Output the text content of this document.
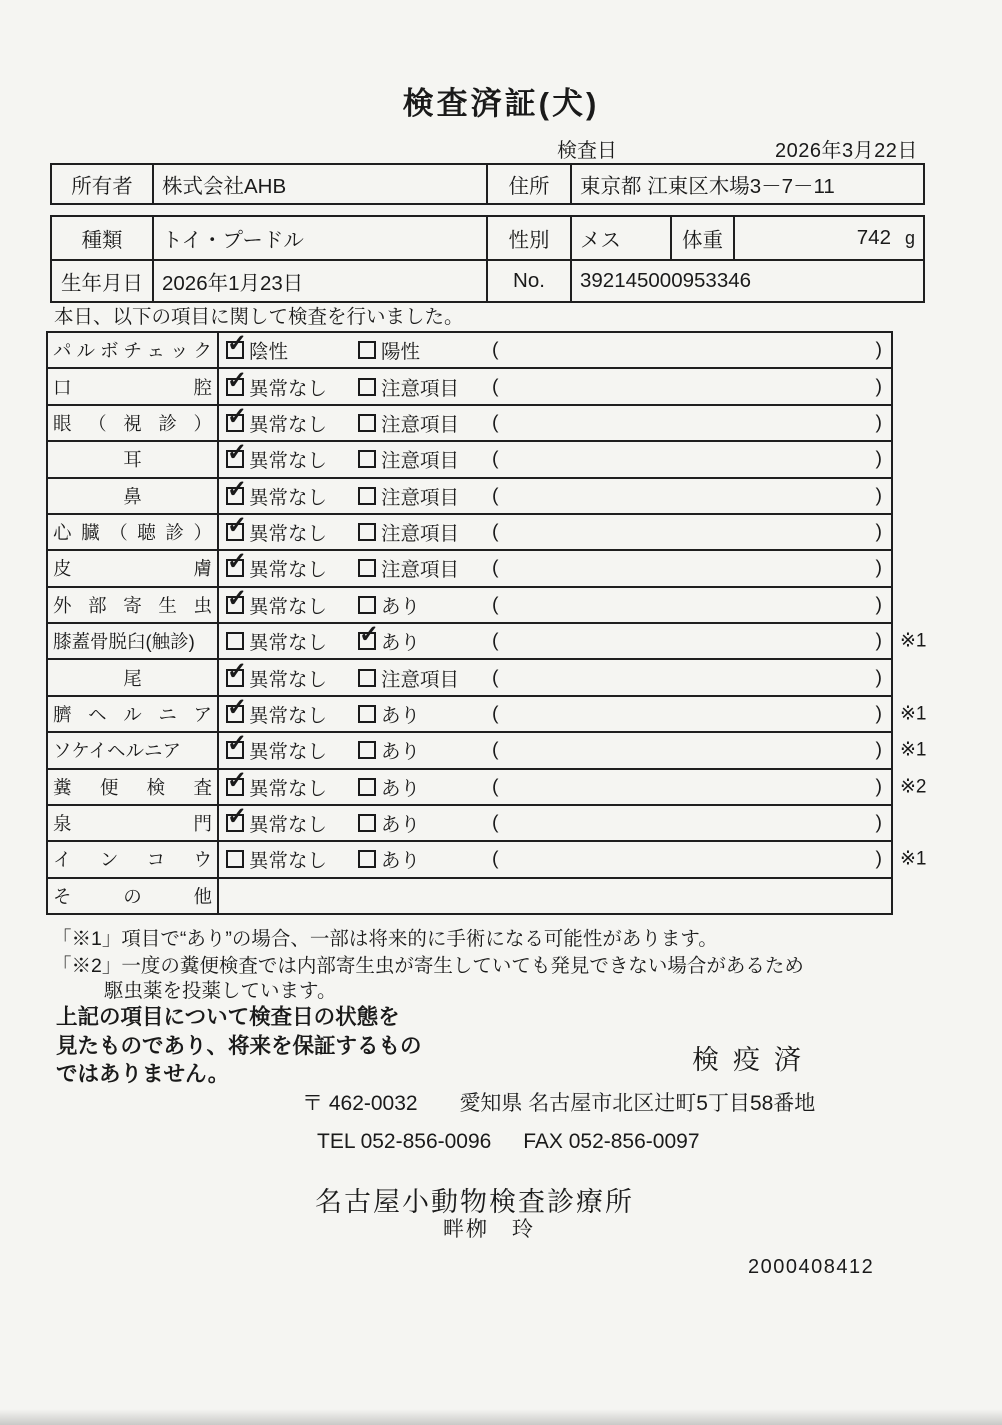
検査済証(犬)
検査日	2026年3月22日
所有者	株式会社AHB	住所	東京都 江東区木場3－7－11
種類	トイ・プードル	性別	メス	体重	742 g
生年月日 2026年1月23日	No.	392145000953346
本日、以下の項目に関して検査を行いました。
パルボチェック ✓ 陰性	陽性	(	)
口腔 ✓ 異常なし	注意項目 (	)
眼（視診） ✓ 異常なし	注意項目 (	)
耳	✓ 異常なし	注意項目 (	)
鼻	✓ 異常なし	注意項目 (	)
心臓（聴診） ✓ 異常なし	注意項目 (	)
皮膚 ✓ 異常なし	注意項目 (	)
外部寄生虫 ✓ 異常なし	あり	(	)
膝蓋骨脱臼(触診)	異常なし ✓ あり	(	) ※1
尾	✓ 異常なし	注意項目 (	)
臍ヘルニア ✓ 異常なし	あり	(	) ※1
ソケイヘルニア	✓ 異常なし	あり	(	) ※1
糞便検査 ✓ 異常なし	あり	(	) ※2
泉門 ✓ 異常なし	あり	(	)
インコウ 異常なし	あり	(	) ※1
その他
「※1」項目で“あり”の場合、一部は将来的に手術になる可能性があります。
「※2」一度の糞便検査では内部寄生虫が寄生していても発見できない場合があるため
駆虫薬を投薬しています。
上記の項目について検査日の状態を
見たものであり、将来を保証するもの
ではありません。	検疫済
〒 462-0032 愛知県 名古屋市北区辻町5丁目58番地
TEL 052-856-0096 FAX 052-856-0097
名古屋小動物検査診療所
畔栁　玲
2000408412
